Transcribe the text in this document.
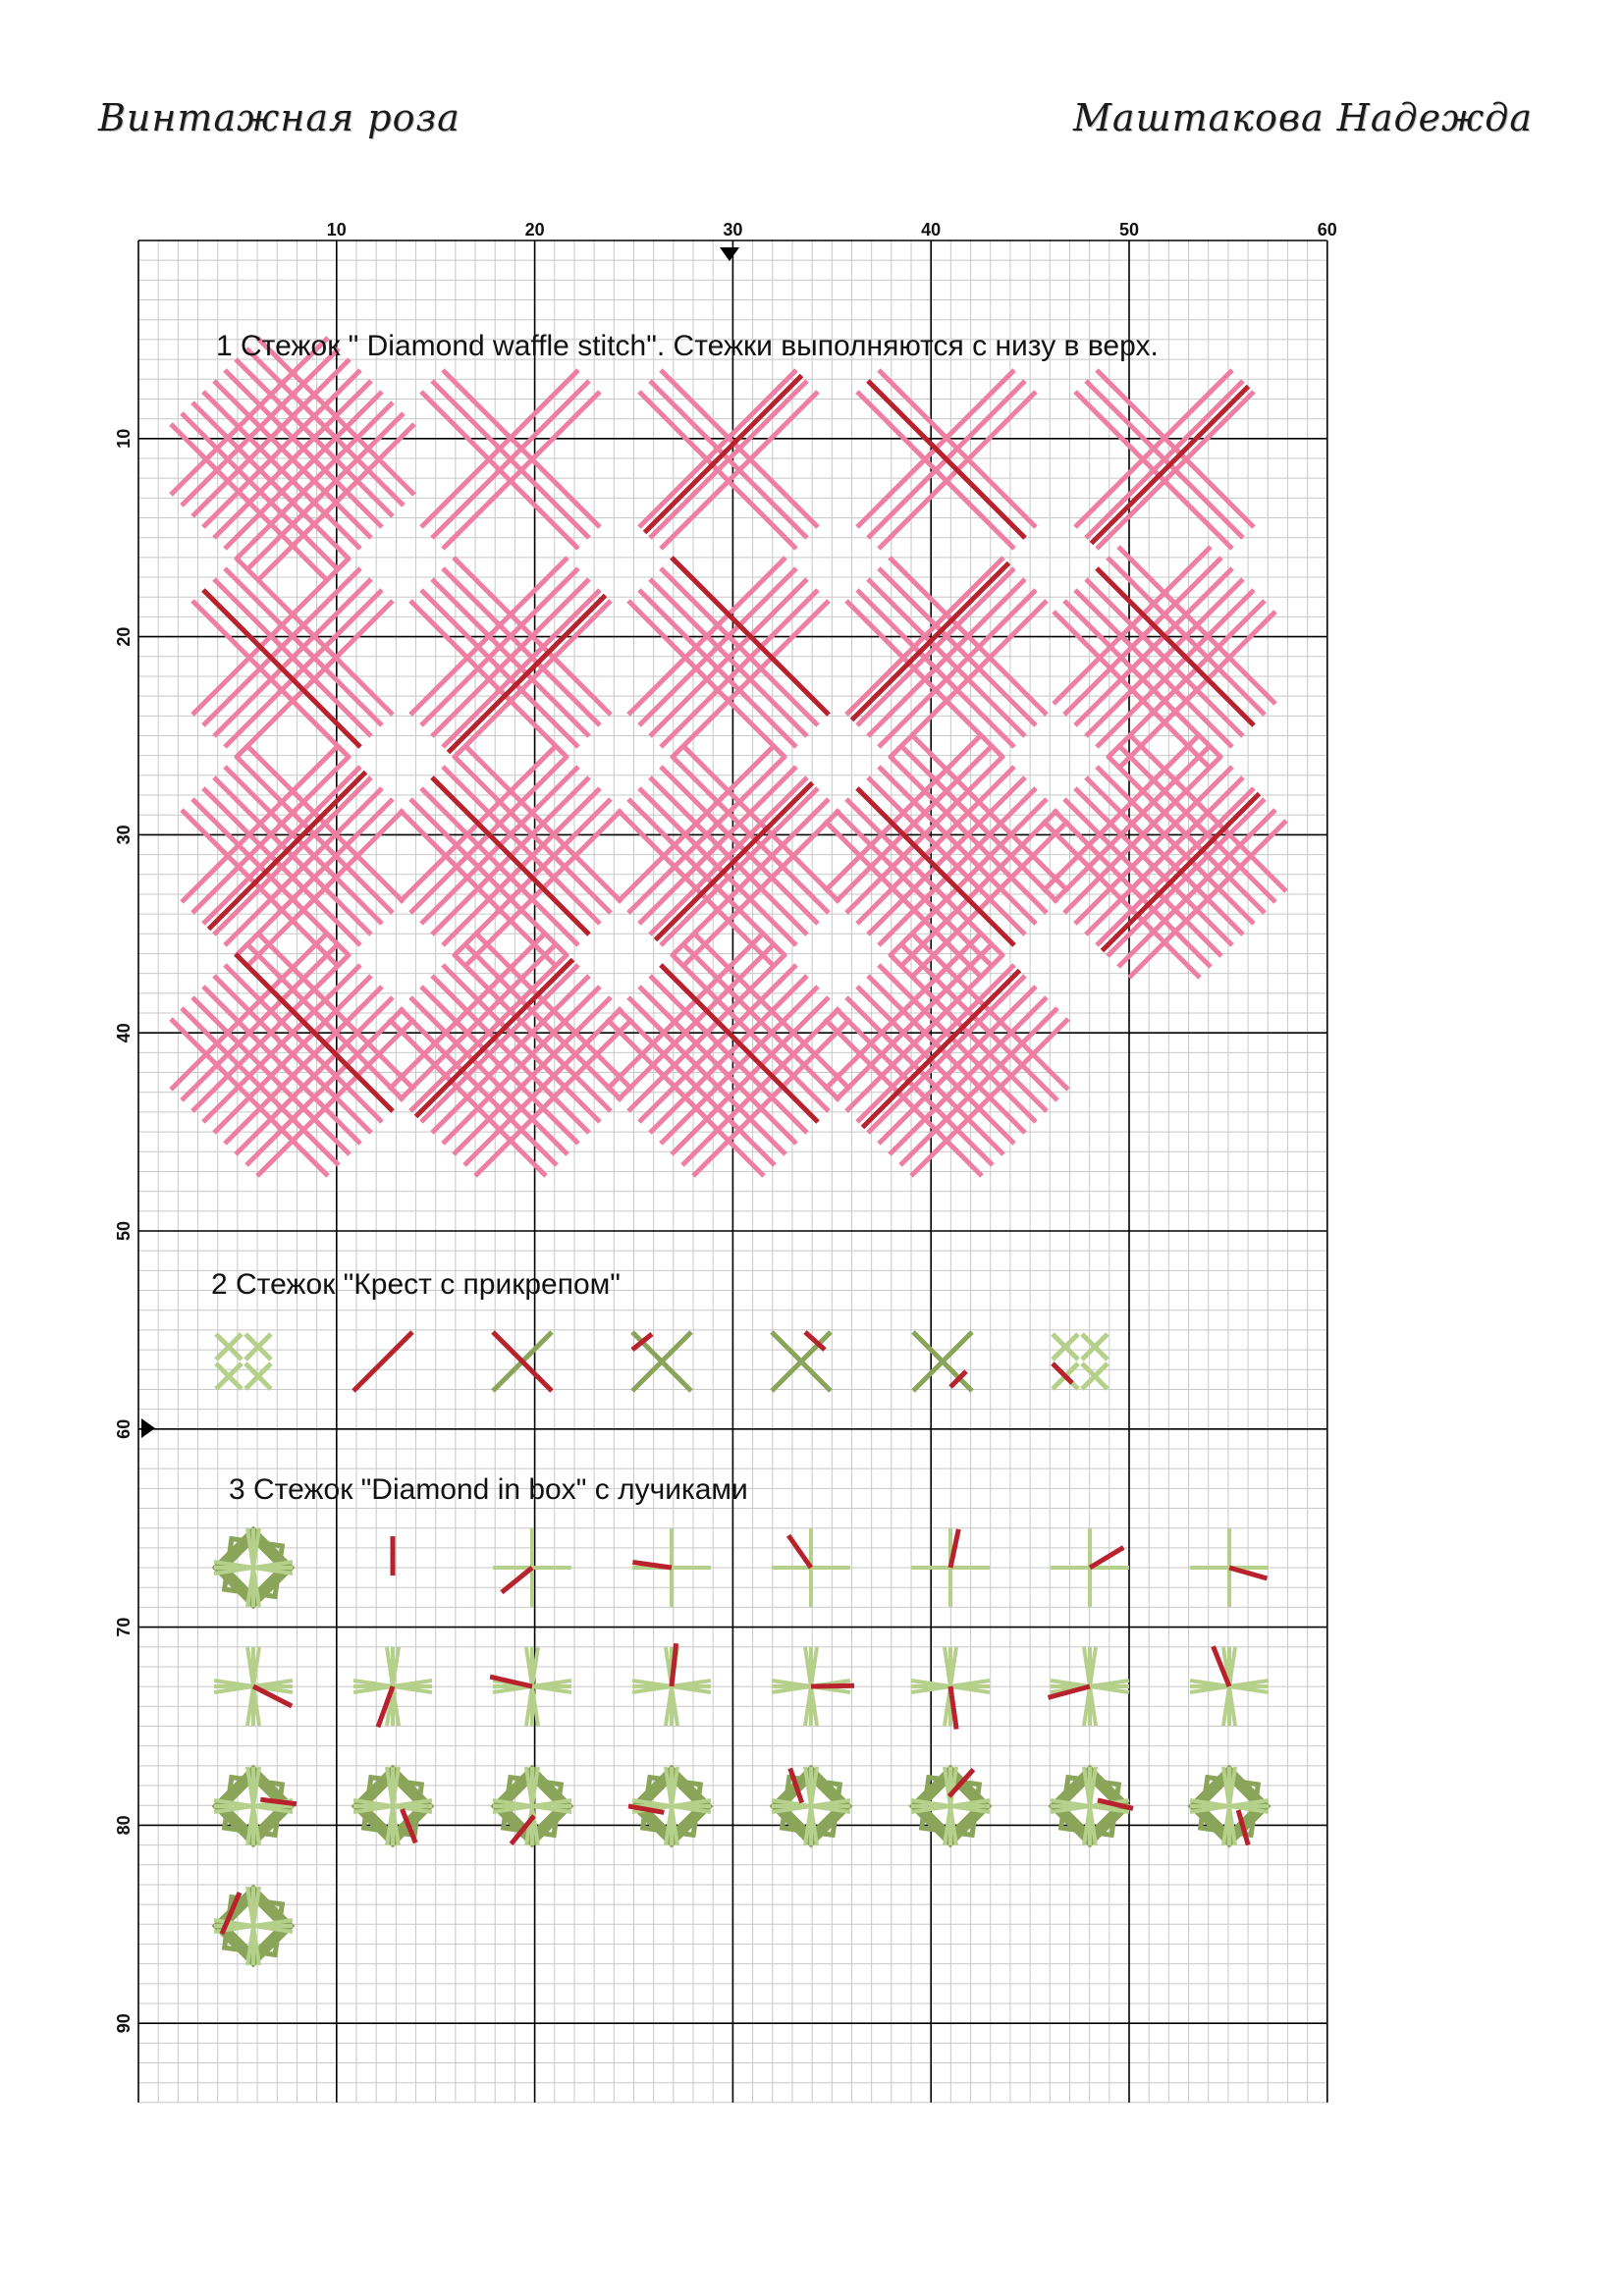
Винтажная роза	Маштакова Надежда
10	20	30	40	50	60
10
20
30
40
50
60
70
80
90
1 Стежок " Diamond waffle stitch". Стежки выполняются с низу в верх.
2 Стежок "Крест с прикрепом"
3 Стежок "Diamond in box" с лучиками
